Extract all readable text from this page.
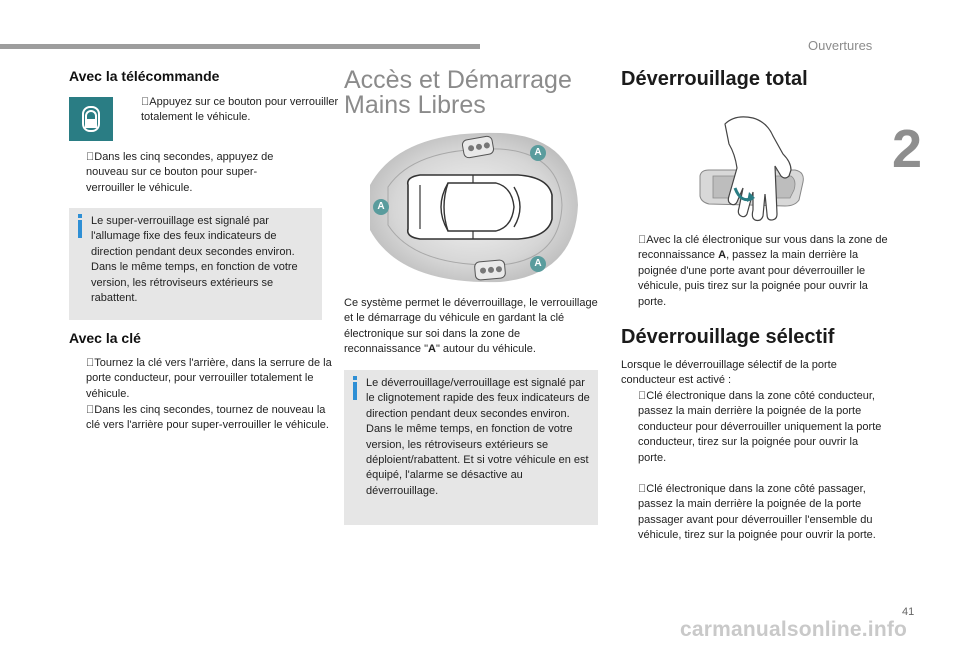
Ouvertures
2
Avec la télécommande
Appuyez sur ce bouton pour verrouiller totalement le véhicule.
Dans les cinq secondes, appuyez de nouveau sur ce bouton pour super-verrouiller le véhicule.
Le super-verrouillage est signalé par l'allumage fixe des feux indicateurs de direction pendant deux secondes environ. Dans le même temps, en fonction de votre version, les rétroviseurs extérieurs se rabattent.
Avec la clé
Tournez la clé vers l'arrière, dans la serrure de la porte conducteur, pour verrouiller totalement le véhicule.
Dans les cinq secondes, tournez de nouveau la clé vers l'arrière pour super-verrouiller le véhicule.
Accès et Démarrage
Mains Libres
A
A
A
Ce système permet le déverrouillage, le verrouillage et le démarrage du véhicule en gardant la clé électronique sur soi dans la zone de reconnaissance "A" autour du véhicule.
Le déverrouillage/verrouillage est signalé par le clignotement rapide des feux indicateurs de direction pendant deux secondes environ. Dans le même temps, en fonction de votre version, les rétroviseurs extérieurs se déploient/rabattent. Et si votre véhicule en est équipé, l'alarme se désactive au déverrouillage.
Déverrouillage total
Avec la clé électronique sur vous dans la zone de reconnaissance A, passez la main derrière la poignée d'une porte avant pour déverrouiller le véhicule, puis tirez sur la poignée pour ouvrir la porte.
Déverrouillage sélectif
Lorsque le déverrouillage sélectif de la porte conducteur est activé :
Clé électronique dans la zone côté conducteur, passez la main derrière la poignée de la porte conducteur pour déverrouiller uniquement la porte conducteur, tirez sur la poignée pour ouvrir la porte.
Clé électronique dans la zone côté passager, passez la main derrière la poignée de la porte passager avant pour déverrouiller l'ensemble du véhicule, tirez sur la poignée pour ouvrir la porte.
41
carmanualsonline.info
